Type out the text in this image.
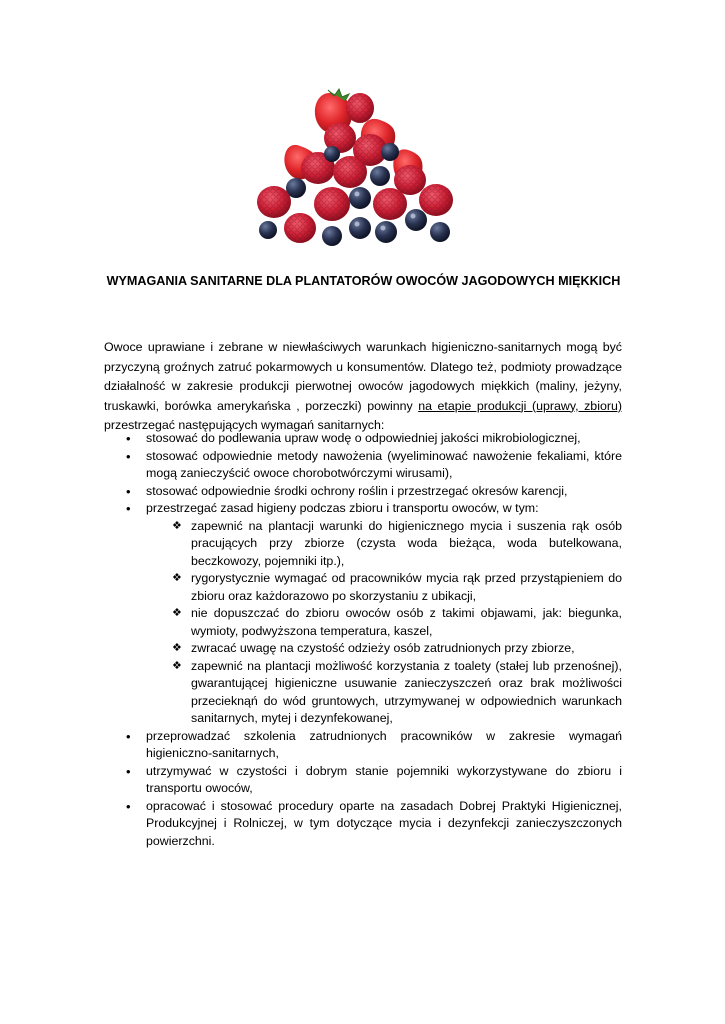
WYMAGANIA SANITARNE DLA PLANTATORÓW OWOCÓW JAGODOWYCH MIĘKKICH

Owoce uprawiane i zebrane w niewłaściwych warunkach higieniczno-sanitarnych mogą być przyczyną groźnych zatruć pokarmowych u konsumentów. Dlatego też, podmioty prowadzące działalność w zakresie produkcji pierwotnej owoców jagodowych miękkich (maliny, jeżyny, truskawki, borówka amerykańska , porzeczki) powinny na etapie produkcji (uprawy, zbioru) przestrzegać następujących wymagań sanitarnych:

• stosować do podlewania upraw wodę o odpowiedniej jakości mikrobiologicznej,
• stosować odpowiednie metody nawożenia (wyeliminować nawożenie fekaliami, które mogą zanieczyścić owoce chorobotwórczymi wirusami),
• stosować odpowiednie środki ochrony roślin i przestrzegać okresów karencji,
• przestrzegać zasad higieny podczas zbioru i transportu owoców, w tym:
❖ zapewnić na plantacji warunki do higienicznego mycia i suszenia rąk osób pracujących przy zbiorze (czysta woda bieżąca, woda butelkowana, beczkowozy, pojemniki itp.),
❖ rygorystycznie wymagać od pracowników mycia rąk przed przystąpieniem do zbioru oraz każdorazowo po skorzystaniu z ubikacji,
❖ nie dopuszczać do zbioru owoców osób z takimi objawami, jak: biegunka, wymioty, podwyższona temperatura, kaszel,
❖ zwracać uwagę na czystość odzieży osób zatrudnionych przy zbiorze,
❖ zapewnić na plantacji możliwość korzystania z toalety (stałej lub przenośnej), gwarantującej higieniczne usuwanie zanieczyszczeń oraz brak możliwości przecieknąń do wód gruntowych, utrzymywanej w odpowiednich warunkach sanitarnych, mytej i dezynfekowanej,
• przeprowadzać szkolenia zatrudnionych pracowników w zakresie wymagań higieniczno-sanitarnych,
• utrzymywać w czystości i dobrym stanie pojemniki wykorzystywane do zbioru i transportu owoców,
• opracować i stosować procedury oparte na zasadach Dobrej Praktyki Higienicznej, Produkcyjnej i Rolniczej, w tym dotyczące mycia i dezynfekcji zanieczyszczonych powierzchni.
